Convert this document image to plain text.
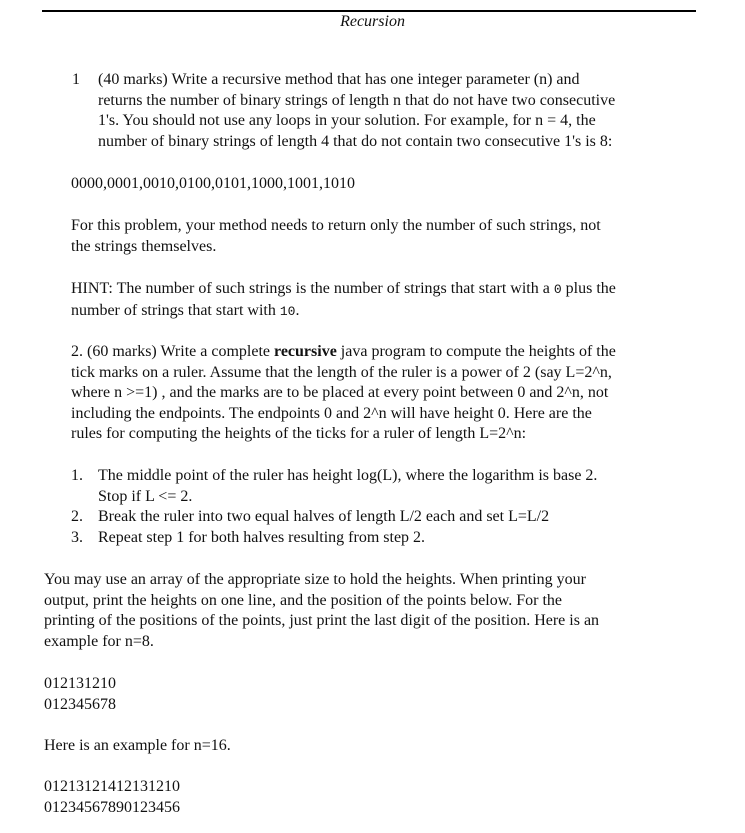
Recursion
1 (40 marks) Write a recursive method that has one integer parameter (n) and
returns the number of binary strings of length n that do not have two consecutive
1's. You should not use any loops in your solution. For example, for n = 4, the
number of binary strings of length 4 that do not contain two consecutive 1's is 8:
0000,0001,0010,0100,0101,1000,1001,1010
For this problem, your method needs to return only the number of such strings, not
the strings themselves.
HINT: The number of such strings is the number of strings that start with a 0 plus the
number of strings that start with 10.
2. (60 marks) Write a complete recursive java program to compute the heights of the
tick marks on a ruler. Assume that the length of the ruler is a power of 2 (say L=2^n,
where n >=1) , and the marks are to be placed at every point between 0 and 2^n, not
including the endpoints. The endpoints 0 and 2^n will have height 0. Here are the
rules for computing the heights of the ticks for a ruler of length L=2^n:
1. The middle point of the ruler has height log(L), where the logarithm is base 2.
Stop if L <= 2.
2. Break the ruler into two equal halves of length L/2 each and set L=L/2
3. Repeat step 1 for both halves resulting from step 2.
You may use an array of the appropriate size to hold the heights. When printing your
output, print the heights on one line, and the position of the points below. For the
printing of the positions of the points, just print the last digit of the position. Here is an
example for n=8.
012131210
012345678
Here is an example for n=16.
01213121412131210
01234567890123456
